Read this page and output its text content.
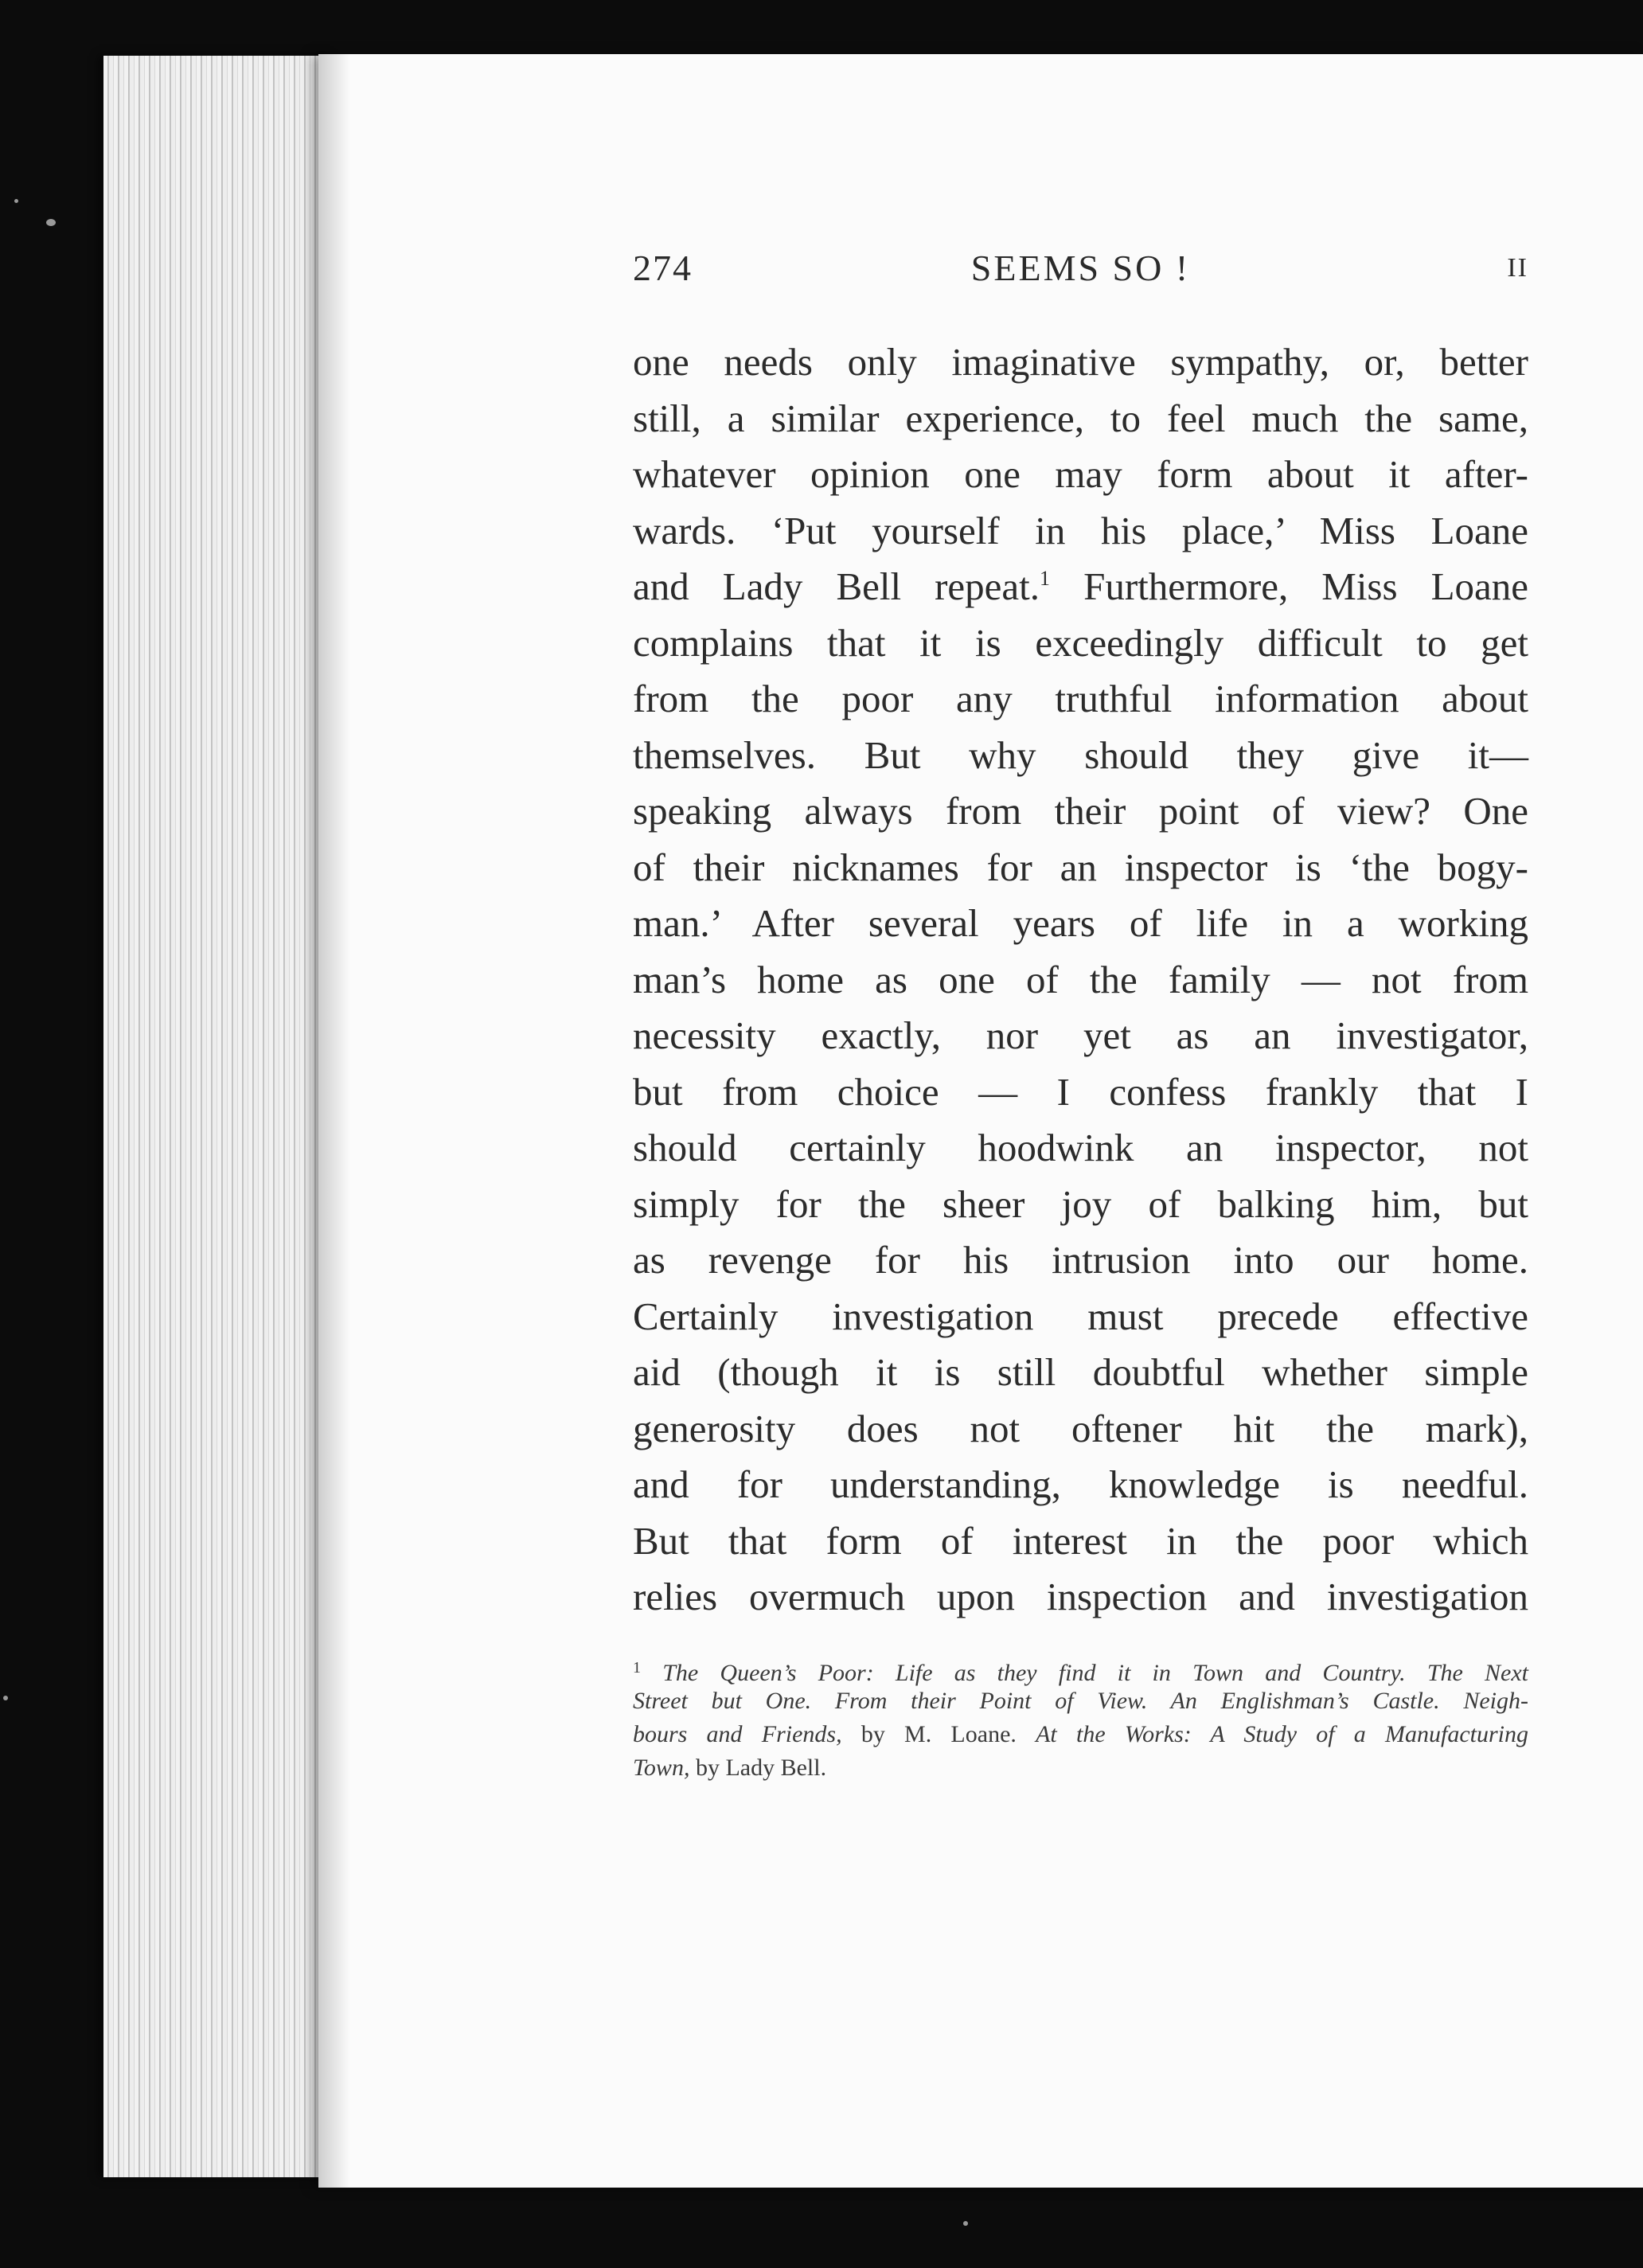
274	SEEMS SO !	II
one needs only imaginative sympathy, or, better
still, a similar experience, to feel much the same,
whatever opinion one may form about it after-
wards. ‘Put yourself in his place,’ Miss Loane
and Lady Bell repeat.$^1$ Furthermore, Miss Loane
complains that it is exceedingly difficult to get
from the poor any truthful information about
themselves. But why should they give it—
speaking always from their point of view? One
of their nicknames for an inspector is ‘the bogy-
man.’ After several years of life in a working
man’s home as one of the family — not from
necessity exactly, nor yet as an investigator,
but from choice — I confess frankly that I
should certainly hoodwink an inspector, not
simply for the sheer joy of balking him, but
as revenge for his intrusion into our home.
Certainly investigation must precede effective
aid (though it is still doubtful whether simple
generosity does not oftener hit the mark),
and for understanding, knowledge is needful.
But that form of interest in the poor which
relies overmuch upon inspection and investigation
$^1$ The Queen’s Poor: Life as they find it in Town and Country. The Next
Street but One. From their Point of View. An Englishman’s Castle. Neigh-
bours and Friends, by M. Loane. At the Works: A Study of a Manufacturing
Town, by Lady Bell.
